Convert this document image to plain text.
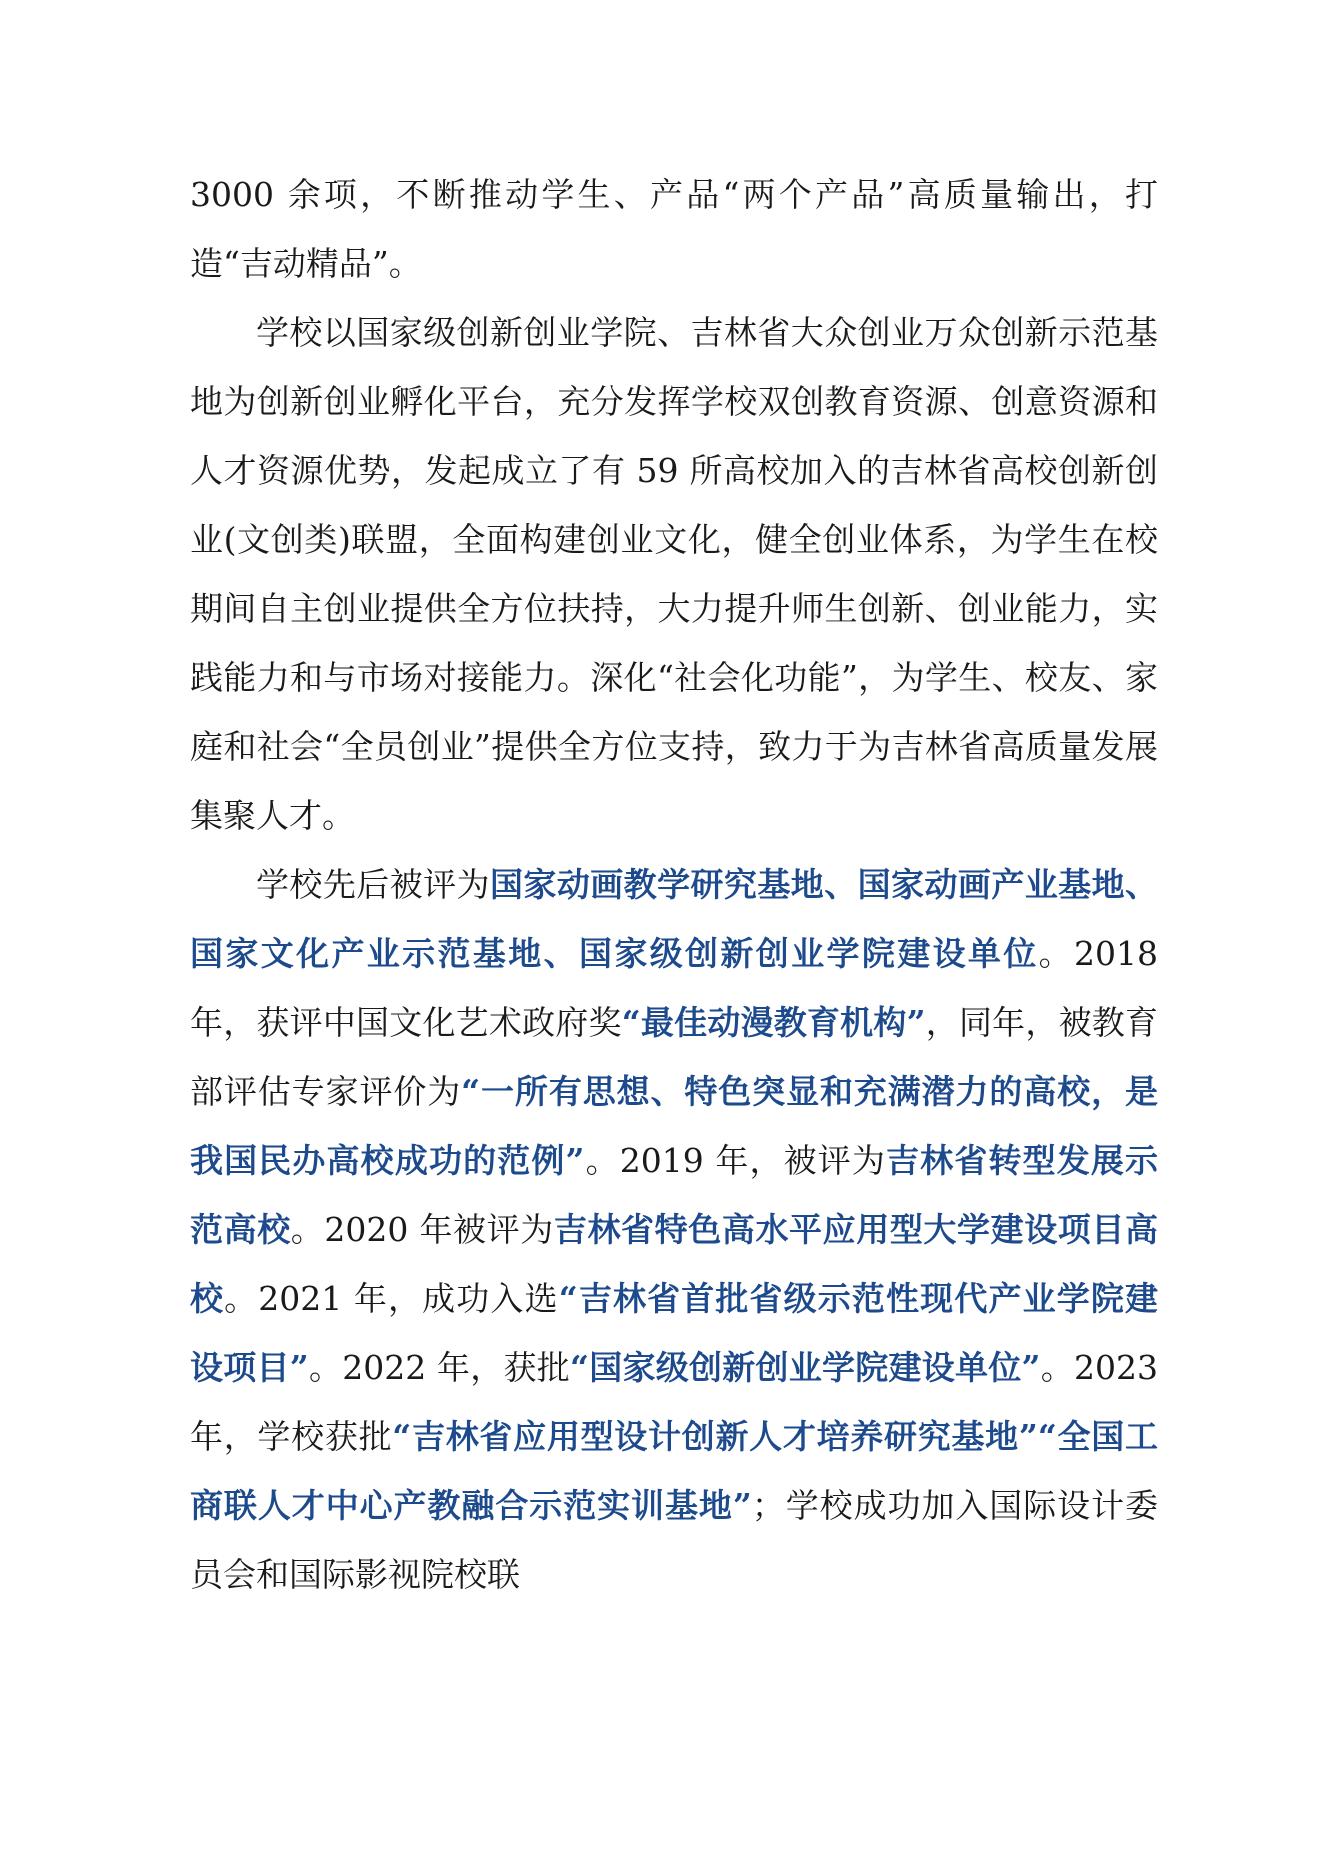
3000 余项，不断推动学生、产品“两个产品”高质量输出，打造“吉动精品”。

学校以国家级创新创业学院、吉林省大众创业万众创新示范基地为创新创业孵化平台，充分发挥学校双创教育资源、创意资源和人才资源优势，发起成立了有 59 所高校加入的吉林省高校创新创业(文创类)联盟，全面构建创业文化，健全创业体系，为学生在校期间自主创业提供全方位扶持，大力提升师生创新、创业能力，实践能力和与市场对接能力。深化“社会化功能”，为学生、校友、家庭和社会“全员创业”提供全方位支持，致力于为吉林省高质量发展集聚人才。

学校先后被评为国家动画教学研究基地、国家动画产业基地、国家文化产业示范基地、国家级创新创业学院建设单位。2018 年，获评中国文化艺术政府奖“最佳动漫教育机构”，同年，被教育部评估专家评价为“一所有思想、特色突显和充满潜力的高校，是我国民办高校成功的范例”。2019 年，被评为吉林省转型发展示范高校。2020 年被评为吉林省特色高水平应用型大学建设项目高校。2021 年，成功入选“吉林省首批省级示范性现代产业学院建设项目”。2022 年，获批“国家级创新创业学院建设单位”。2023 年，学校获批“吉林省应用型设计创新人才培养研究基地”“全国工商联人才中心产教融合示范实训基地”；学校成功加入国际设计委员会和国际影视院校联
